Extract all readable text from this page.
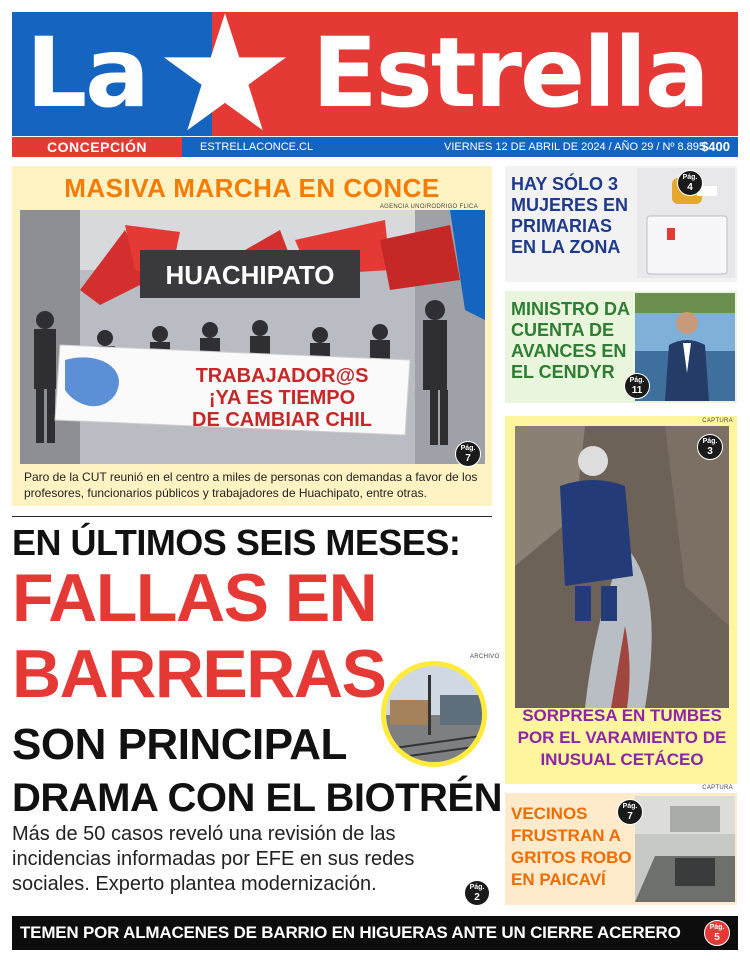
La Estrella
CONCEPCIÓN	ESTRELLACONCE.CL	VIERNES 12 DE ABRIL DE 2024 / AÑO 29 / Nº 8.895
$400
MASIVA MARCHA EN CONCE
AGENCIA UNO/RODRIGO FLICA
HUACHIPATO
TRABAJADOR@S
¡YA ES TIEMPO
DE CAMBIAR CHIL
Pág.
7
Paro de la CUT reunió en el centro a miles de personas con demandas a favor de los profesores, funcionarios públicos y trabajadores de Huachipato, entre otras.
HAY SÓLO 3 MUJERES EN PRIMARIAS EN LA ZONA
Pág.
4
MINISTRO DA CUENTA DE AVANCES EN EL CENDYR	Pág.
11
CAPTURA
Pág.
3
SORPRESA EN TUMBES POR EL VARAMIENTO DE INUSUAL CETÁCEO
CAPTURA
VECINOS FRUSTRAN A GRITOS ROBO EN PAICAVÍ
Pág.
7
EN ÚLTIMOS SEIS MESES:
FALLAS EN
BARRERAS	ARCHIVO
SON PRINCIPAL
DRAMA CON EL BIOTRÉN
Más de 50 casos reveló una revisión de las incidencias informadas por EFE en sus redes sociales. Experto plantea modernización.	Pág.
2
TEMEN POR ALMACENES DE BARRIO EN HIGUERAS ANTE UN CIERRE ACERERO	Pág.
5
